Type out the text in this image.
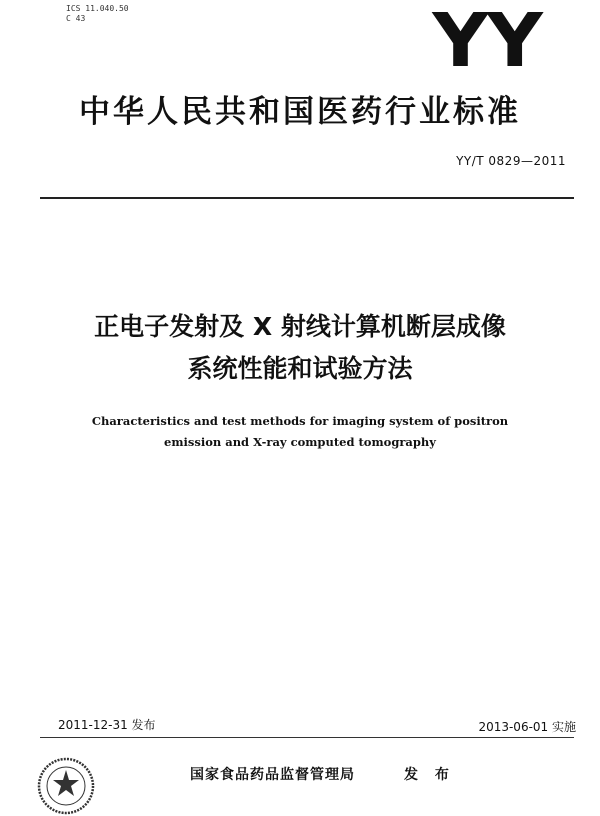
ICS 11.040.50
C 43	YY
中华人民共和国医药行业标准
YY/T 0829—2011
正电子发射及 X 射线计算机断层成像
系统性能和试验方法
Characteristics and test methods for imaging system of positron
emission and X-ray computed tomography
2011-12-31 发布	2013-06-01 实施
国家食品药品监督管理局	发 布
